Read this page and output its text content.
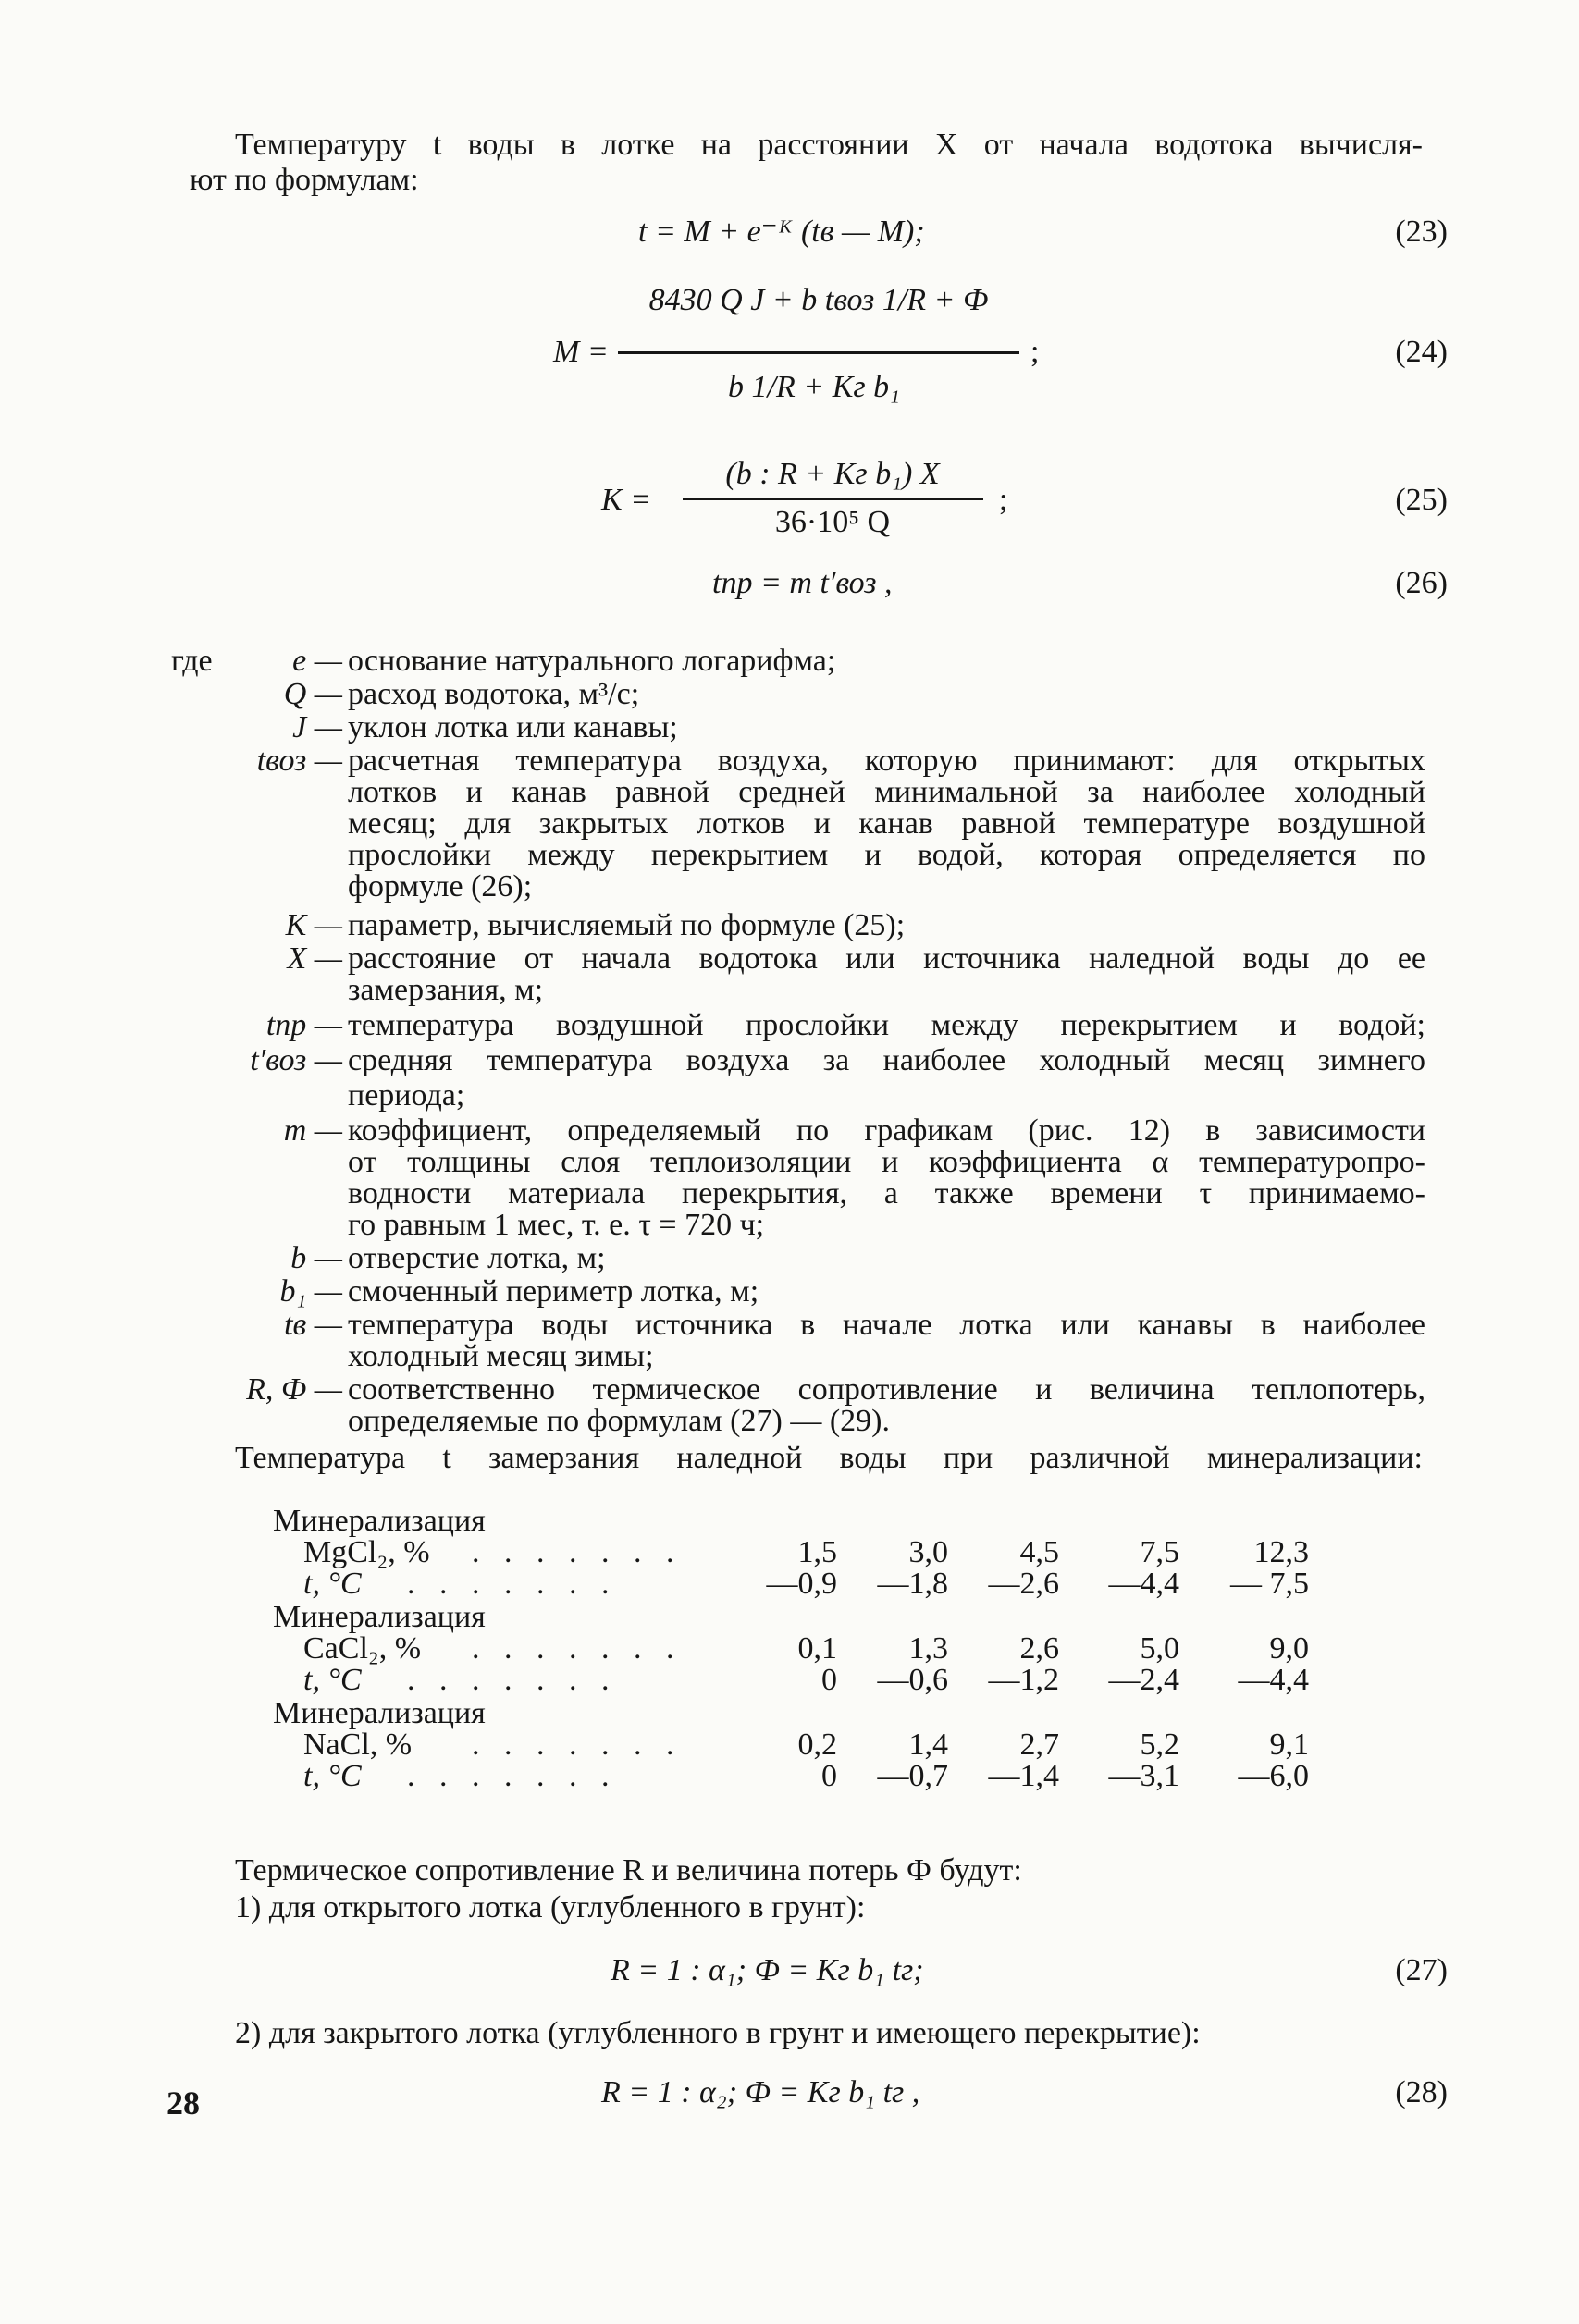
Температуру t воды в лотке на расстоянии X от начала водотока вычисля-
ют по формулам:
t = M + e⁻ᴷ (tв — M);	(23)
M =
8430 Q J + b tвоз 1/R + Ф
b 1/R + Kг b₁
;	(24)
K =
(b : R + Kг b₁) X
36·10⁵ Q
;	(25)
tпр = m t′воз ,	(26)
где	e — основание натурального логарифма;
Q — расход водотока, м³/с;
J — уклон лотка или канавы;
tвоз — расчетная температура воздуха, которую принимают: для открытых
лотков и канав равной средней минимальной за наиболее холодный
месяц; для закрытых лотков и канав равной температуре воздушной
прослойки между перекрытием и водой, которая определяется по
формуле (26);
K — параметр, вычисляемый по формуле (25);
X — расстояние от начала водотока или источника наледной воды до ее
замерзания, м;
tпр — температура воздушной прослойки между перекрытием и водой;
t′воз — средняя температура воздуха за наиболее холодный месяц зимнего
периода;
m — коэффициент, определяемый по графикам (рис. 12) в зависимости
от толщины слоя теплоизоляции и коэффициента α температуропро-
водности материала перекрытия, а также времени τ принимаемо-
го равным 1 мес, т. е. τ = 720 ч;
b — отверстие лотка, м;
b₁ — смоченный периметр лотка, м;
tв — температура воды источника в начале лотка или канавы в наиболее
холодный месяц зимы;
R, Ф — соответственно термическое сопротивление и величина теплопотерь,
определяемые по формулам (27) — (29).
Температура t замерзания наледной воды при различной минерализации:
Минерализация
MgCl₂, % . . . . . . .	1,5	3,0	4,5	7,5	12,3
t, °C . . . . . . .	—0,9	—1,8	—2,6	—4,4	— 7,5
Минерализация
CaCl₂, % . . . . . . .	0,1	1,3	2,6	5,0	9,0
t, °C . . . . . . .	0	—0,6	—1,2	—2,4	—4,4
Минерализация
NaCl, % . . . . . . .	0,2	1,4	2,7	5,2	9,1
t, °C . . . . . . .	0	—0,7	—1,4	—3,1	—6,0
Термическое сопротивление R и величина потерь Ф будут:
1) для открытого лотка (углубленного в грунт):
R = 1 : α₁; Ф = Kг b₁ tг;	(27)
2) для закрытого лотка (углубленного в грунт и имеющего перекрытие):
R = 1 : α₂; Ф = Kг b₁ tг ,	(28)
28
